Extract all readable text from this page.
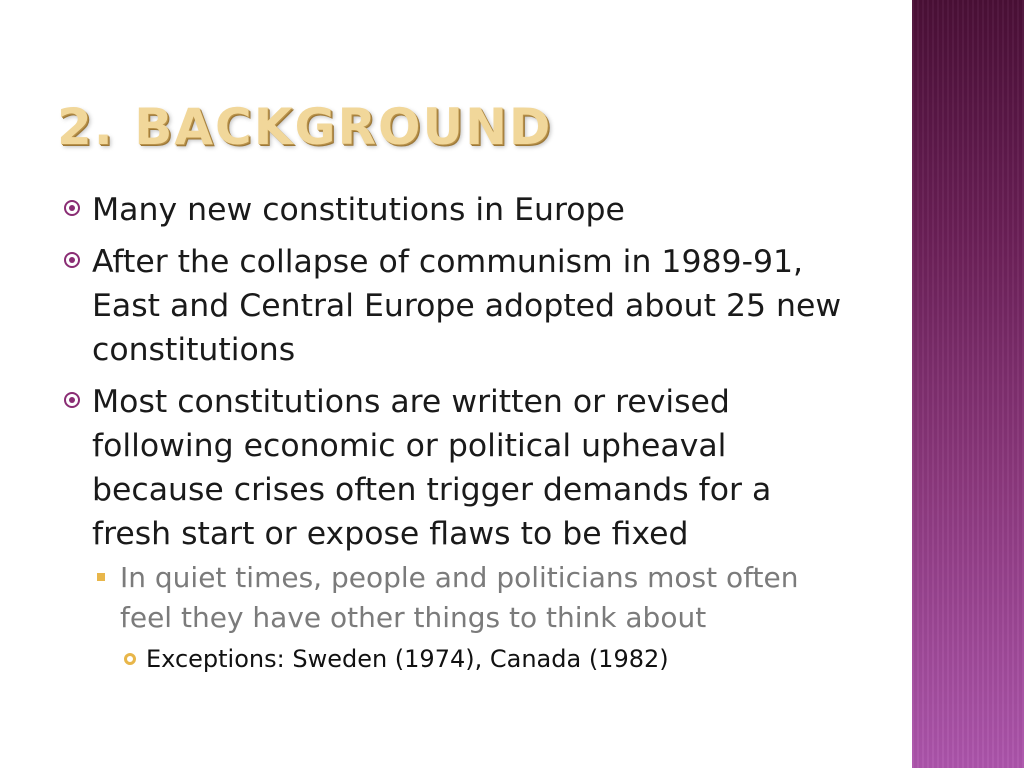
2. BACKGROUND
Many new constitutions in Europe
After the collapse of communism in 1989-91, East and Central Europe adopted about 25 new constitutions
Most constitutions are written or revised following economic or political upheaval because crises often trigger demands for a fresh start or expose flaws to be fixed
In quiet times, people and politicians most often feel they have other things to think about
Exceptions: Sweden (1974), Canada (1982)
